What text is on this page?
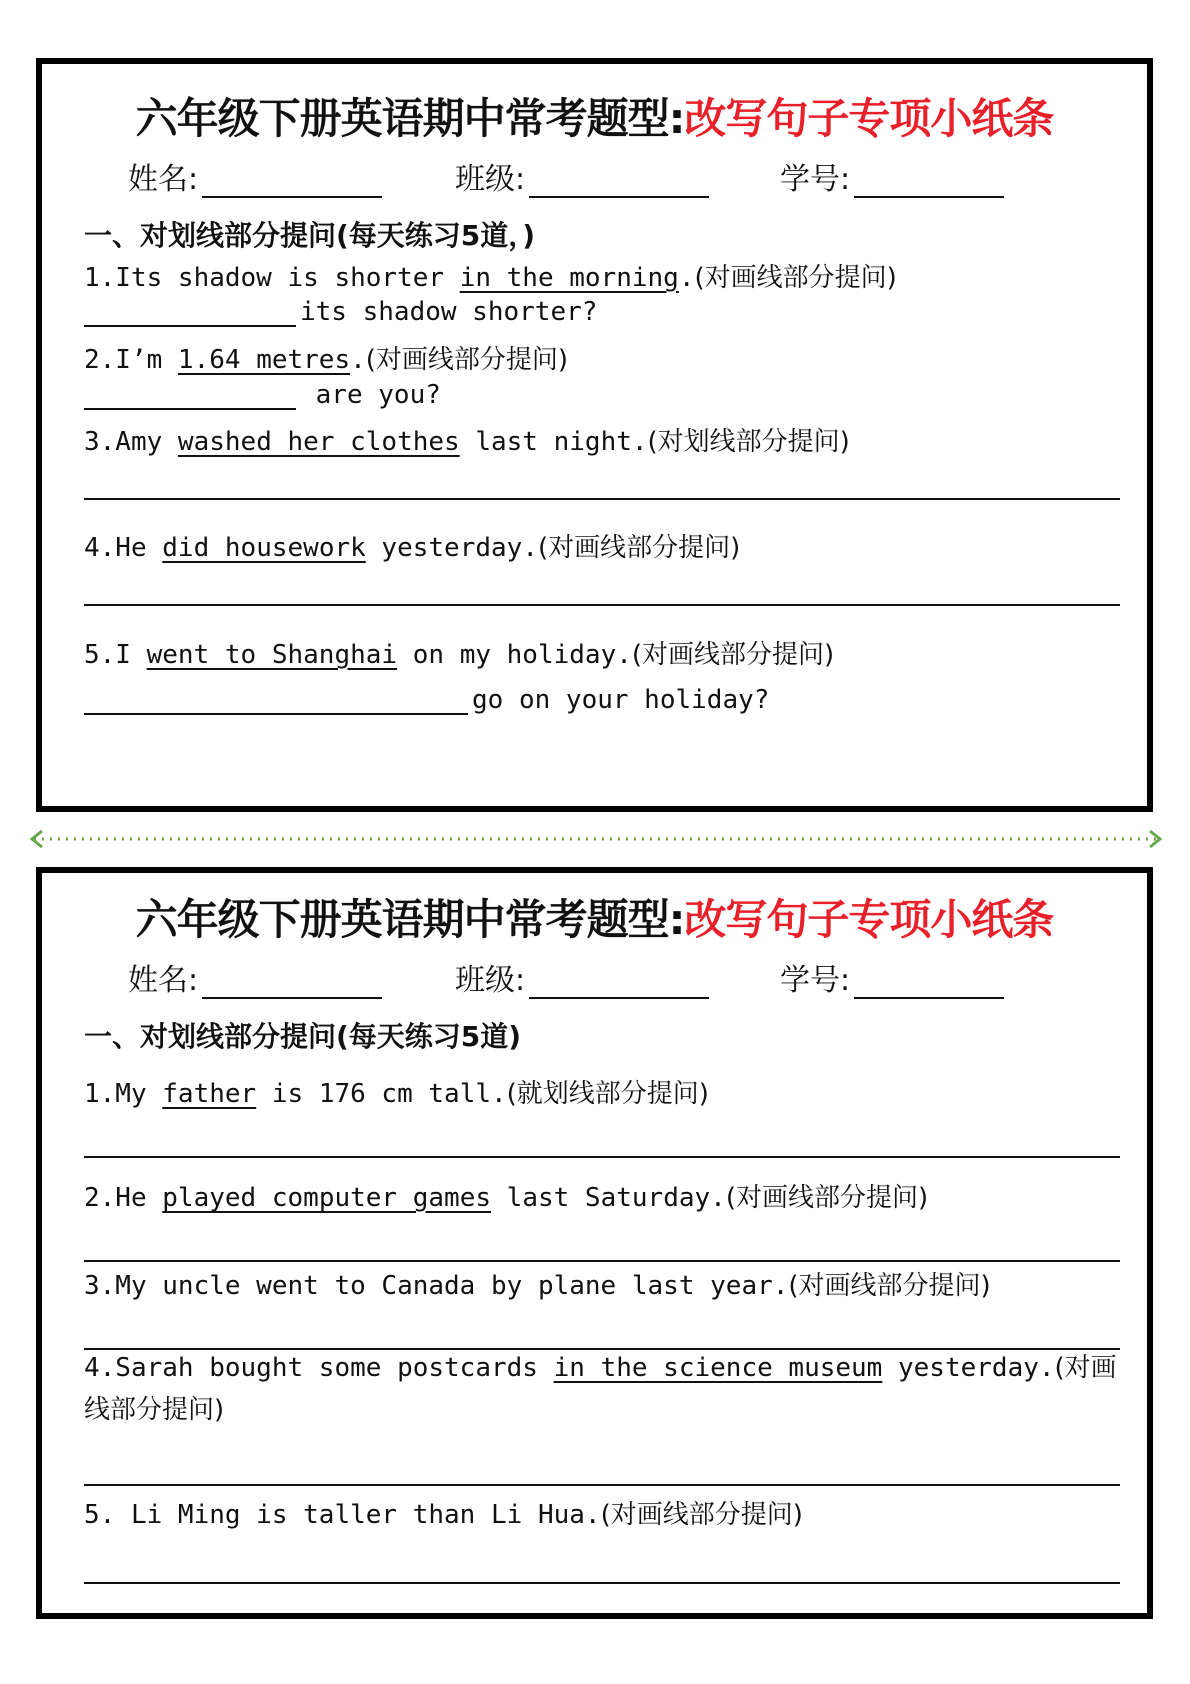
六年级下册英语期中常考题型:改写句子专项小纸条
姓名:	班级:	学号:
一、对划线部分提问(每天练习5道，)
1.Its shadow is shorter in the morning.(对画线部分提问)
its shadow shorter?
2.I’m 1.64 metres.(对画线部分提问)
are you?
3.Amy washed her clothes last night.(对划线部分提问)
4.He did housework yesterday.(对画线部分提问)
5.I went to Shanghai on my holiday.(对画线部分提问)
go on your holiday?
六年级下册英语期中常考题型:改写句子专项小纸条
姓名:	班级:	学号:
一、对划线部分提问(每天练习5道)
1.My father is 176 cm tall.(就划线部分提问)
2.He played computer games last Saturday.(对画线部分提问)
3.My uncle went to Canada by plane last year.(对画线部分提问)
4.Sarah bought some postcards in the science museum yesterday.(对画线部分提问)
5. Li Ming is taller than Li Hua.(对画线部分提问)
